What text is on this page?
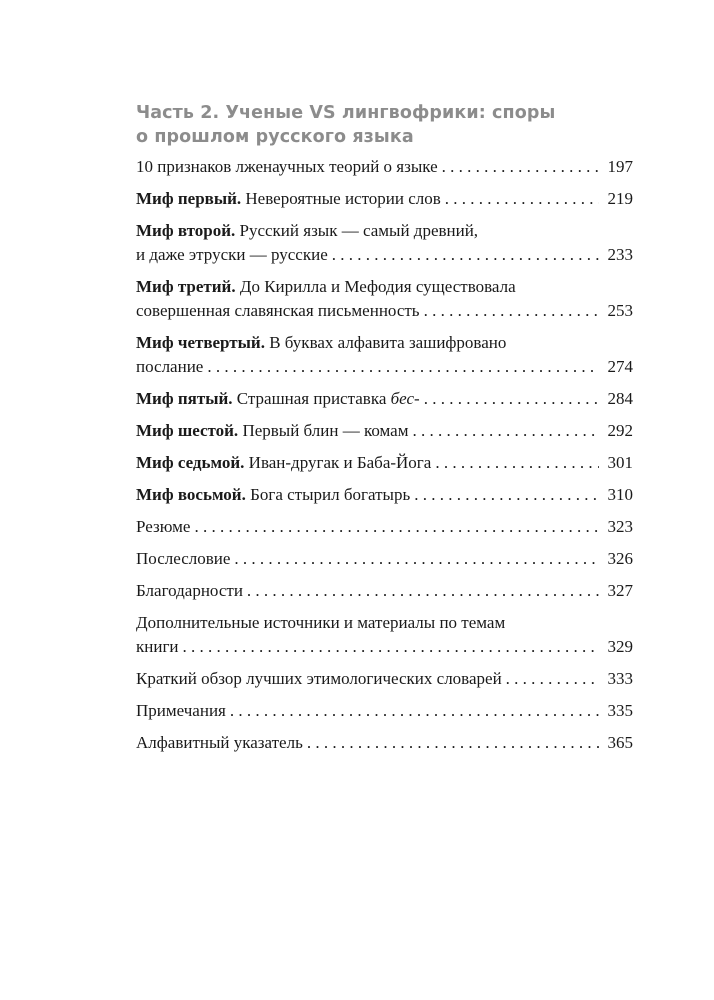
Часть 2. Ученые VS лингвофрики: споры
о прошлом русского языка
10 признаков лженаучных теорий о языке . . .	197
Миф первый. Невероятные истории слов . . .	219
Миф второй. Русский язык — самый древний,
и даже этруски — русские . . .	233
Миф третий. До Кирилла и Мефодия существовала
совершенная славянская письменность . . .	253
Миф четвертый. В буквах алфавита зашифровано
послание . . .	274
Миф пятый. Страшная приставка бес- . . .	284
Миф шестой. Первый блин — комам . . .	292
Миф седьмой. Иван-другак и Баба-Йога . . .	301
Миф восьмой. Бога стырил богатырь . . .	310
Резюме . . .	323
Послесловие . . .	326
Благодарности . . .	327
Дополнительные источники и материалы по темам
книги . . .	329
Краткий обзор лучших этимологических словарей . . .	333
Примечания . . .	335
Алфавитный указатель . . .	365
